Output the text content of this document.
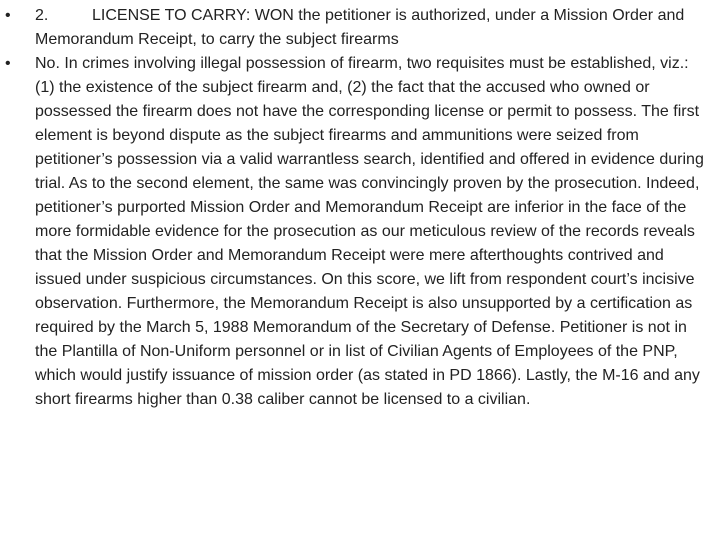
•	2.	LICENSE TO CARRY: WON the petitioner is authorized, under a Mission Order and Memorandum Receipt, to carry the subject firearms
•	No. In crimes involving illegal possession of firearm, two requisites must be established, viz.: (1) the existence of the subject firearm and, (2) the fact that the accused who owned or possessed the firearm does not have the corresponding license or permit to possess. The first element is beyond dispute as the subject firearms and ammunitions were seized from petitioner’s possession via a valid warrantless search, identified and offered in evidence during trial. As to the second element, the same was convincingly proven by the prosecution. Indeed, petitioner’s purported Mission Order and Memorandum Receipt are inferior in the face of the more formidable evidence for the prosecution as our meticulous review of the records reveals that the Mission Order and Memorandum Receipt were mere afterthoughts contrived and issued under suspicious circumstances. On this score, we lift from respondent court’s incisive observation. Furthermore, the Memorandum Receipt is also unsupported by a certification as required by the March 5, 1988 Memorandum of the Secretary of Defense. Petitioner is not in the Plantilla of Non-Uniform personnel or in list of Civilian Agents of Employees of the PNP, which would justify issuance of mission order (as stated in PD 1866). Lastly, the M-16 and any short firearms higher than 0.38 caliber cannot be licensed to a civilian.
